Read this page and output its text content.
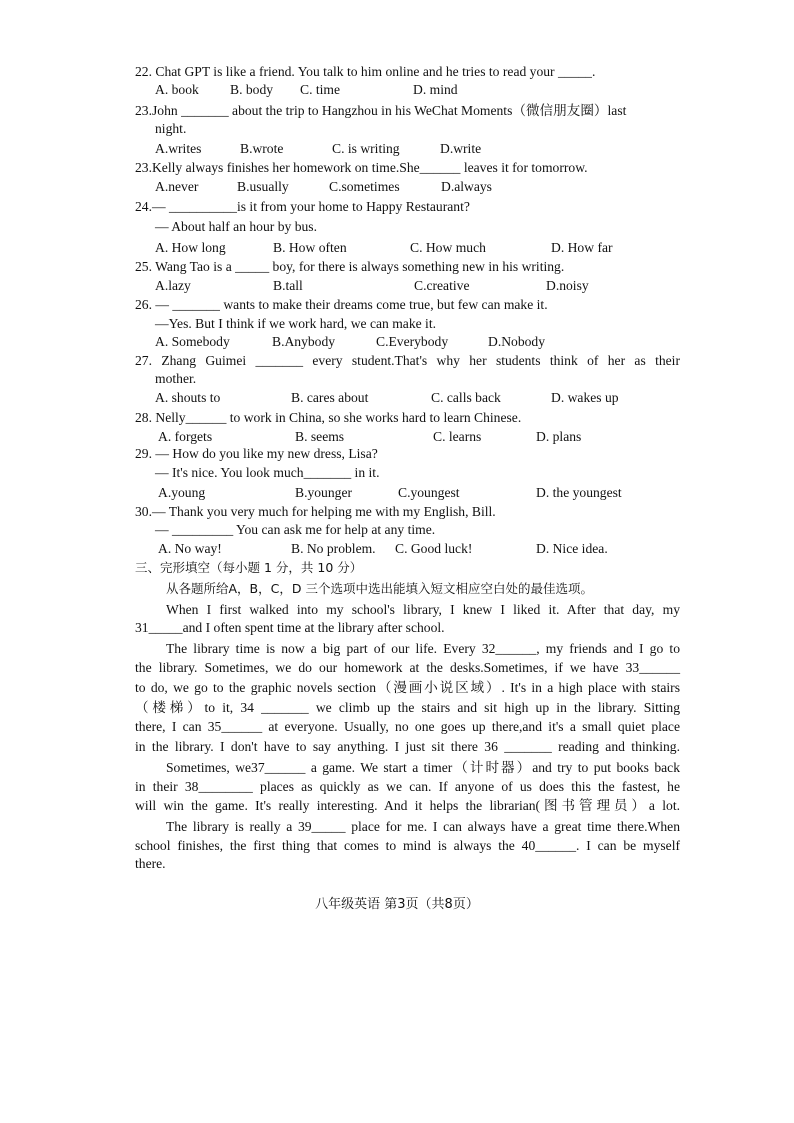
22. Chat GPT is like a friend. You talk to him online and he tries to read your _____.
A. book B. body C. time	D. mind
23.John _______ about the trip to Hangzhou in his WeChat Moments（微信朋友圈）last
night.
A.writes	B.wrote	C. is writing	D.write
23.Kelly always finishes her homework on time.She______ leaves it for tomorrow.
A.never	B.usually	C.sometimes	D.always
24.— __________is it from your home to Happy Restaurant?
— About half an hour by bus.
A. How long	B. How often	C. How much	D. How far
25. Wang Tao is a _____ boy, for there is always something new in his writing.
A.lazy	B.tall	C.creative	D.noisy
26. — _______ wants to make their dreams come true, but few can make it.
—Yes. But I think if we work hard, we can make it.
A. Somebody	B.Anybody	C.Everybody	D.Nobody
27. Zhang Guimei _______ every student.That's why her students think of her as their
mother.
A. shouts to	B. cares about	C. calls back	D. wakes up
28. Nelly______ to work in China, so she works hard to learn Chinese.
A. forgets	B. seems	C. learns	D. plans
29. — How do you like my new dress, Lisa?
— It's nice. You look much_______ in it.
A.young	B.younger	C.youngest	D. the youngest
30.— Thank you very much for helping me with my English, Bill.
— _________ You can ask me for help at any time.
A. No way!	B. No problem. C. Good luck!	D. Nice idea.
三、完形填空（每小题 1 分，共 10 分）
从各题所给A，B，C，D 三个选项中选出能填入短文相应空白处的最佳选项。
When I first walked into my school's library, I knew I liked it. After that day, my
31_____and I often spent time at the library after school.
The library time is now a big part of our life. Every 32______, my friends and I go to
the library. Sometimes, we do our homework at the desks.Sometimes, if we have 33______
to do, we go to the graphic novels section（漫画小说区域）. It's in a high place with stairs
（楼梯）to it, 34 _______ we climb up the stairs and sit high up in the library. Sitting
there, I can 35______ at everyone. Usually, no one goes up there,and it's a small quiet place
in the library. I don't have to say anything. I just sit there 36 _______ reading and thinking.
Sometimes, we37______ a game. We start a timer（计时器）and try to put books back
in their 38________ places as quickly as we can. If anyone of us does this the fastest, he
will win the game. It's really interesting. And it helps the librarian(图书管理员）a lot.
The library is really a 39_____ place for me. I can always have a great time there.When
school finishes, the first thing that comes to mind is always the 40______. I can be myself
there.
八年级英语 第3页（共8页）
